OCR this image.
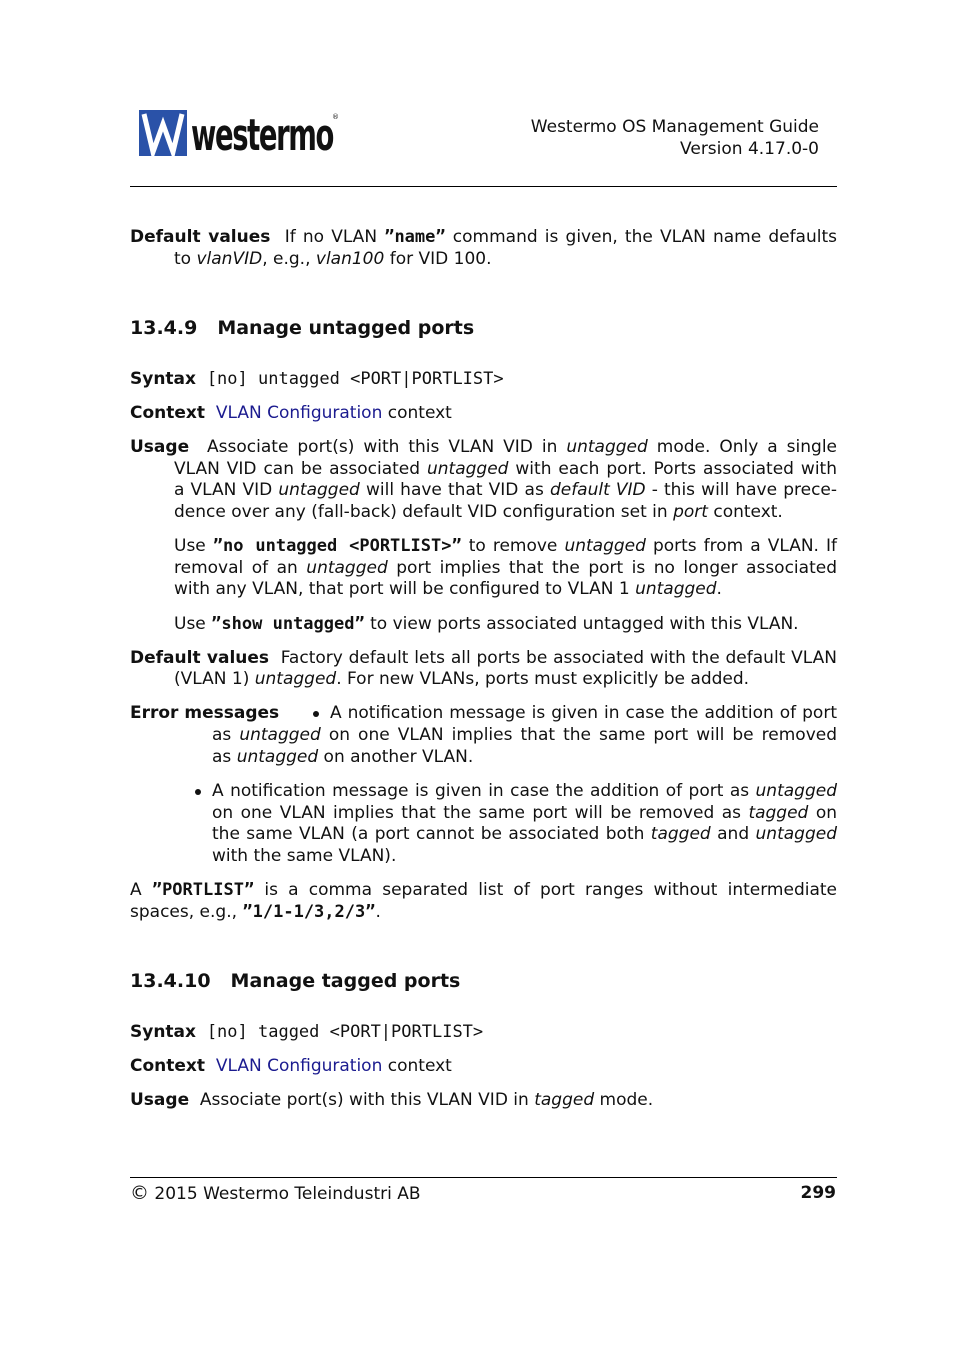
westermo
®	Westermo OS Management Guide
Version 4.17.0-0
Default values If no VLAN ”name” command is given, the VLAN name defaults
to vlanVID, e.g., vlan100 for VID 100.
13.4.9 Manage untagged ports
Syntax [no] untagged <PORT|PORTLIST>
Context VLAN Configuration context
Usage Associate port(s) with this VLAN VID in untagged mode. Only a single
VLAN VID can be associated untagged with each port. Ports associated with
a VLAN VID untagged will have that VID as default VID - this will have prece-
dence over any (fall-back) default VID configuration set in port context.
Use ”no untagged <PORTLIST>” to remove untagged ports from a VLAN. If
removal of an untagged port implies that the port is no longer associated
with any VLAN, that port will be configured to VLAN 1 untagged.
Use ”show untagged” to view ports associated untagged with this VLAN.
Default values Factory default lets all ports be associated with the default VLAN
(VLAN 1) untagged. For new VLANs, ports must explicitly be added.
Error messages	A notification message is given in case the addition of port
as untagged on one VLAN implies that the same port will be removed
as untagged on another VLAN.
A notification message is given in case the addition of port as untagged
on one VLAN implies that the same port will be removed as tagged on
the same VLAN (a port cannot be associated both tagged and untagged
with the same VLAN).
A ”PORTLIST” is a comma separated list of port ranges without intermediate
spaces, e.g., ”1/1-1/3,2/3”.
13.4.10 Manage tagged ports
Syntax [no] tagged <PORT|PORTLIST>
Context VLAN Configuration context
Usage Associate port(s) with this VLAN VID in tagged mode.
© 2015 Westermo Teleindustri AB	299
